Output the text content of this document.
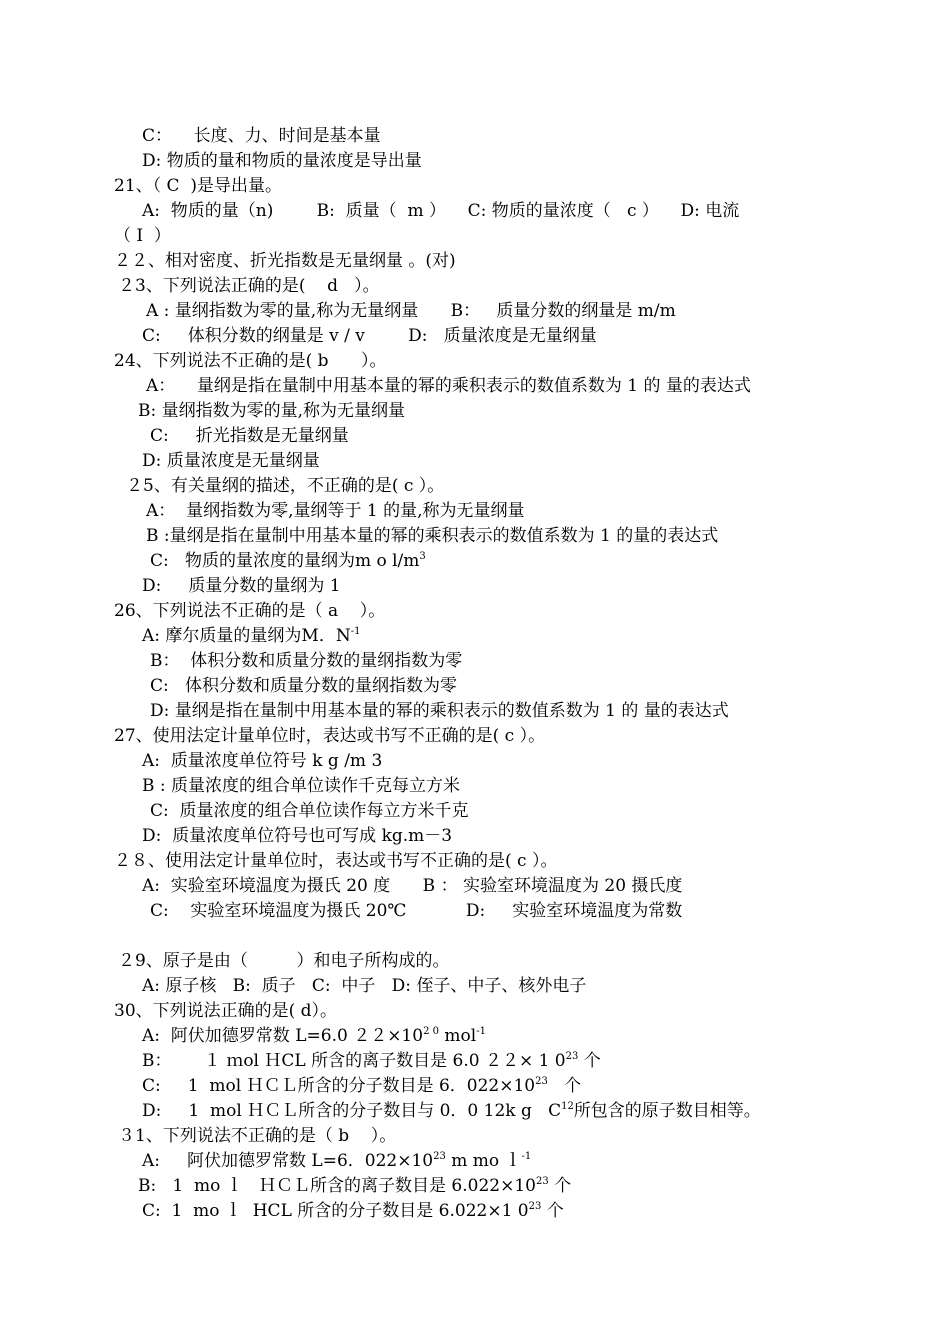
C：    长度、力、时间是基本量
D: 物质的量和物质的量浓度是导出量
21、（ C  )是导出量。
A:  物质的量（n)        B:  质量（  m ）    C: 物质的量浓度（   c ）    D: 电流
（ I  ）
２２、相对密度、折光指数是无量纲量 。(对)
２3、下列说法正确的是(    d   ）。
A : 量纲指数为零的量,称为无量纲量      B：   质量分数的纲量是 m/m
C:     体积分数的纲量是 v / v        D:   质量浓度是无量纲量
24、下列说法不正确的是( b      ）。
A：    量纲是指在量制中用基本量的幂的乘积表示的数值系数为 1 的 量的表达式
B: 量纲指数为零的量,称为无量纲量
C:     折光指数是无量纲量
D: 质量浓度是无量纲量
２5、有关量纲的描述，不正确的是( c ）。
A：  量纲指数为零,量纲等于 1 的量,称为无量纲量
B :量纲是指在量制中用基本量的幂的乘积表示的数值系数为 1 的量的表达式
C:   物质的量浓度的量纲为m o $l/m^3$
D:     质量分数的量纲为 1
26、下列说法不正确的是（ a    ）。
A: 摩尔质量的量纲为M．$N^{-1}$
B：  体积分数和质量分数的量纲指数为零
C:   体积分数和质量分数的量纲指数为零
D: 量纲是指在量制中用基本量的幂的乘积表示的数值系数为 1 的 量的表达式
27、使用法定计量单位时，表达或书写不正确的是( c ）。
A:  质量浓度单位符号 k g /m 3
B : 质量浓度的组合单位读作千克每立方米
C:  质量浓度的组合单位读作每立方米千克
D:  质量浓度单位符号也可写成 kg.m－3
２８、使用法定计量单位时，表达或书写不正确的是( c ）。
A:  实验室环境温度为摄氏 20 度      B ： 实验室环境温度为 20 摄氏度
C:    实验室环境温度为摄氏 20℃           D:     实验室环境温度为常数
２9、原子是由（         ）和电子所构成的。
A: 原子核   B:  质子   C:  中子   D: 侄子、中子、核外电子
30、下列说法正确的是( d）。
A:  阿伏加德罗常数 L=6.0 $22\times 10^{2 0}$ mol$^{-1}$
B：      １ ｍol ＨCL 所含的离子数目是 6.0 ２２× 1 $0^{23}$ 个
C:     1  mol ＨＣＬ所含的分子数目是 6．$022\times 10^{23}$   个
D:     1  mol ＨＣＬ所含的分子数目与 0．0 12k g   $C^{12}$所包含的原子数目相等。
３1、下列说法不正确的是（ b    ）。
A:     阿伏加德罗常数 L=6．$022\times 10^{23}$ m mo ｌ$^{-1}$
B:   1  mo ｌ   ＨＣＬ所含的离子数目是 $6.022\times 10^{23}$ 个
C:  1  mo ｌ  HCL 所含的分子数目是 6.022×1 $0^{23}$ 个
